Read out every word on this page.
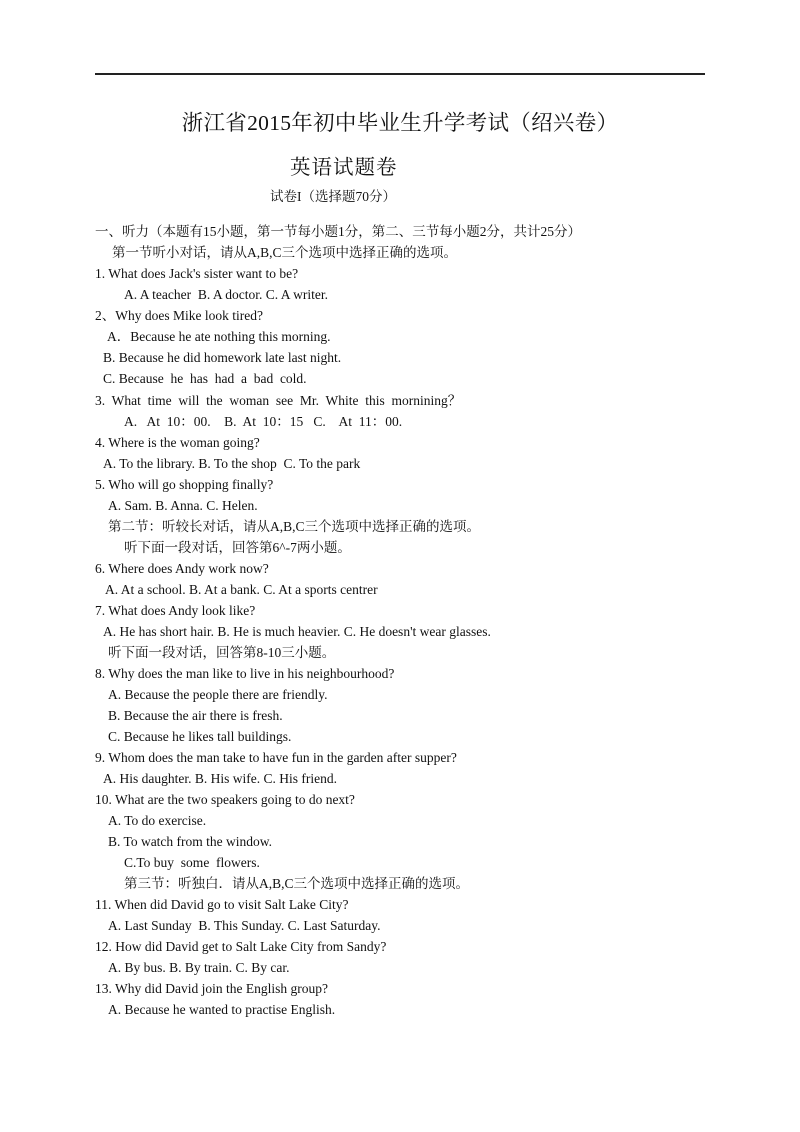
浙江省2015年初中毕业生升学考试（绍兴卷）
英语试题卷
试卷I（选择题70分）
一、听力（本题有15小题，第一节每小题1分，第二、三节每小题2分，共计25分）
第一节听小对话，请从A,B,C三个选项中选择正确的选项。
1. What does Jack's sister want to be?
A. A teacher  B. A doctor. C. A writer.
2、Why does Mike look tired?
A．Because he ate nothing this morning.
B. Because he did homework late last night.
C. Because  he  has  had  a  bad  cold.
3.  What  time  will  the  woman  see  Mr.  White  this  mornining？
A.   At  10：00.    B.  At  10：15   C.    At  11：00.
4. Where is the woman going?
A. To the library. B. To the shop  C. To the park
5. Who will go shopping finally?
A. Sam. B. Anna. C. Helen.
第二节：听较长对话，请从A,B,C三个选项中选择正确的选项。
听下面一段对话，回答第6^-7两小题。
6. Where does Andy work now?
A. At a school. B. At a bank. C. At a sports centrer
7. What does Andy look like?
A. He has short hair. B. He is much heavier. C. He doesn't wear glasses.
听下面一段对话，回答第8-10三小题。
8. Why does the man like to live in his neighbourhood?
A. Because the people there are friendly.
B. Because the air there is fresh.
C. Because he likes tall buildings.
9. Whom does the man take to have fun in the garden after supper?
A. His daughter. B. His wife. C. His friend.
10. What are the two speakers going to do next?
A. To do exercise.
B. To watch from the window.
C.To buy  some  flowers.
第三节：听独白．请从A,B,C三个选项中选择正确的选项。
11. When did David go to visit Salt Lake City?
A. Last Sunday  B. This Sunday. C. Last Saturday.
12. How did David get to Salt Lake City from Sandy?
A. By bus. B. By train. C. By car.
13. Why did David join the English group?
A. Because he wanted to practise English.
